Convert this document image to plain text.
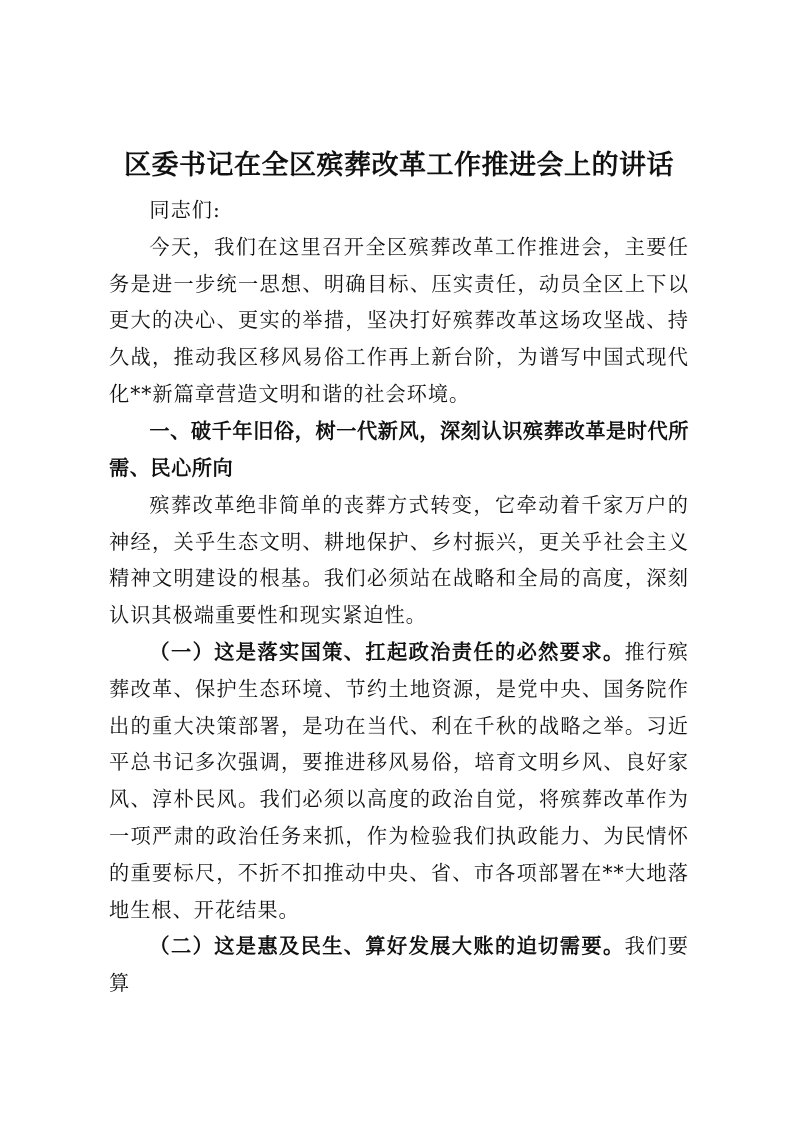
区委书记在全区殡葬改革工作推进会上的讲话

同志们:

今天，我们在这里召开全区殡葬改革工作推进会，主要任务是进一步统一思想、明确目标、压实责任，动员全区上下以更大的决心、更实的举措，坚决打好殡葬改革这场攻坚战、持久战，推动我区移风易俗工作再上新台阶，为谱写中国式现代化**新篇章营造文明和谐的社会环境。

一、破千年旧俗，树一代新风，深刻认识殡葬改革是时代所需、民心所向

殡葬改革绝非简单的丧葬方式转变，它牵动着千家万户的神经，关乎生态文明、耕地保护、乡村振兴，更关乎社会主义精神文明建设的根基。我们必须站在战略和全局的高度，深刻认识其极端重要性和现实紧迫性。

（一）这是落实国策、扛起政治责任的必然要求。推行殡葬改革、保护生态环境、节约土地资源，是党中央、国务院作出的重大决策部署，是功在当代、利在千秋的战略之举。习近平总书记多次强调，要推进移风易俗，培育文明乡风、良好家风、淳朴民风。我们必须以高度的政治自觉，将殡葬改革作为一项严肃的政治任务来抓，作为检验我们执政能力、为民情怀的重要标尺，不折不扣推动中央、省、市各项部署在**大地落地生根、开花结果。

（二）这是惠及民生、算好发展大账的迫切需要。我们要算
